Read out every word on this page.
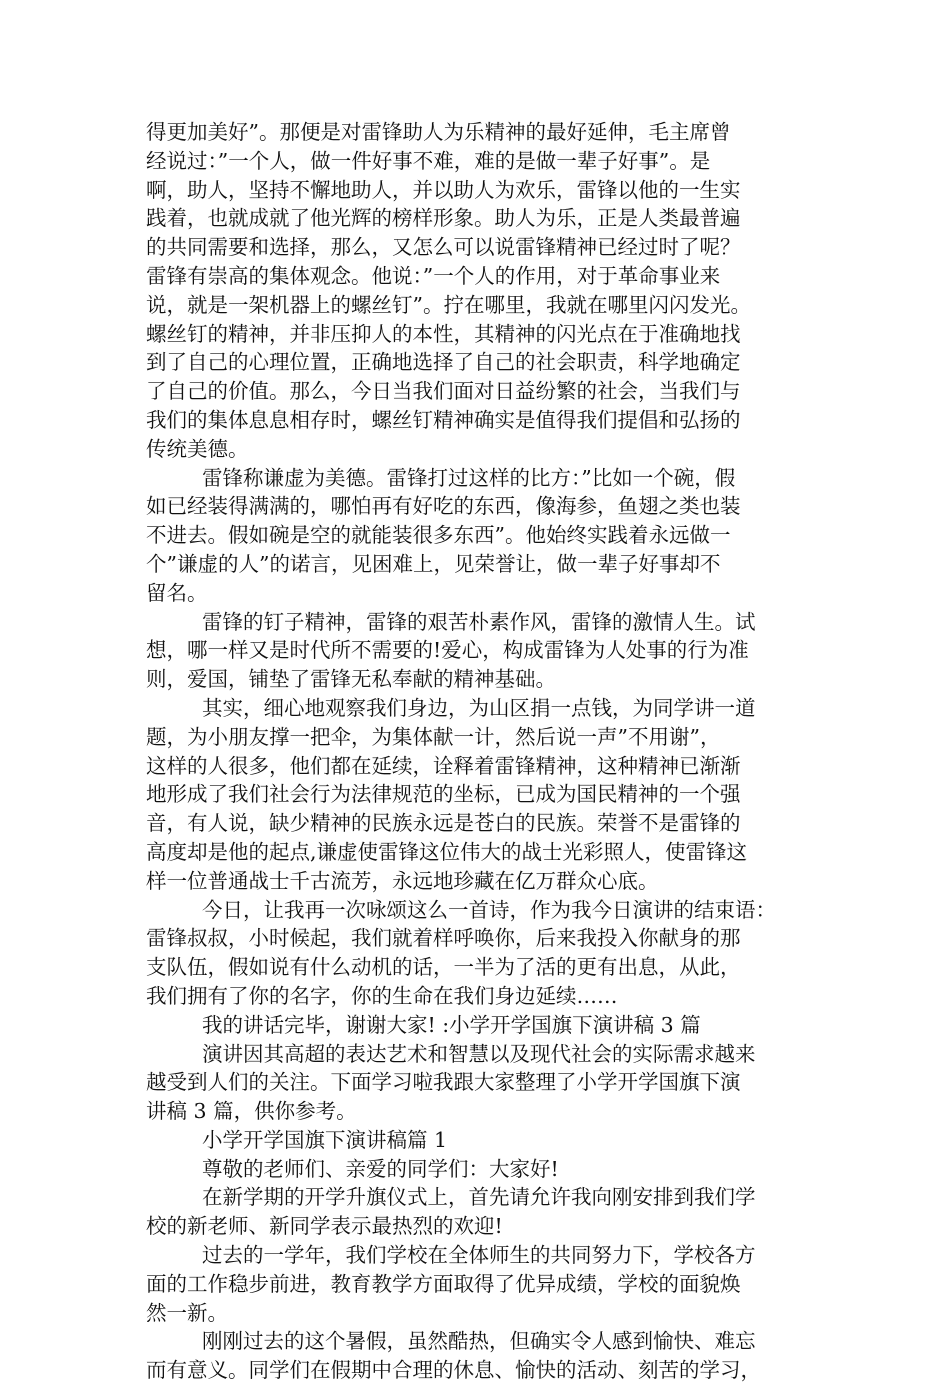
得更加美好”。那便是对雷锋助人为乐精神的最好延伸，毛主席曾
经说过：”一个人，做一件好事不难，难的是做一辈子好事”。是
啊，助人，坚持不懈地助人，并以助人为欢乐，雷锋以他的一生实
践着，也就成就了他光辉的榜样形象。助人为乐，正是人类最普遍
的共同需要和选择，那么，又怎么可以说雷锋精神已经过时了呢？
雷锋有崇高的集体观念。他说：”一个人的作用，对于革命事业来
说，就是一架机器上的螺丝钉”。拧在哪里，我就在哪里闪闪发光。
螺丝钉的精神，并非压抑人的本性，其精神的闪光点在于准确地找
到了自己的心理位置，正确地选择了自己的社会职责，科学地确定
了自己的价值。那么，今日当我们面对日益纷繁的社会，当我们与
我们的集体息息相存时，螺丝钉精神确实是值得我们提倡和弘扬的
传统美德。
雷锋称谦虚为美德。雷锋打过这样的比方：”比如一个碗，假
如已经装得满满的，哪怕再有好吃的东西，像海参，鱼翅之类也装
不进去。假如碗是空的就能装很多东西”。他始终实践着永远做一
个”谦虚的人”的诺言，见困难上，见荣誉让，做一辈子好事却不
留名。
雷锋的钉子精神，雷锋的艰苦朴素作风，雷锋的激情人生。试
想，哪一样又是时代所不需要的!爱心，构成雷锋为人处事的行为准
则，爱国，铺垫了雷锋无私奉献的精神基础。
其实，细心地观察我们身边，为山区捐一点钱，为同学讲一道
题，为小朋友撑一把伞，为集体献一计，然后说一声”不用谢”，
这样的人很多，他们都在延续，诠释着雷锋精神，这种精神已渐渐
地形成了我们社会行为法律规范的坐标，已成为国民精神的一个强
音，有人说，缺少精神的民族永远是苍白的民族。荣誉不是雷锋的
高度却是他的起点,谦虚使雷锋这位伟大的战士光彩照人，使雷锋这
样一位普通战士千古流芳，永远地珍藏在亿万群众心底。
今日，让我再一次咏颂这么一首诗，作为我今日演讲的结束语：
雷锋叔叔，小时候起，我们就着样呼唤你，后来我投入你献身的那
支队伍，假如说有什么动机的话，一半为了活的更有出息，从此，
我们拥有了你的名字，你的生命在我们身边延续……
我的讲话完毕，谢谢大家! :小学开学国旗下演讲稿 3 篇
演讲因其高超的表达艺术和智慧以及现代社会的实际需求越来
越受到人们的关注。下面学习啦我跟大家整理了小学开学国旗下演
讲稿 3 篇，供你参考。
小学开学国旗下演讲稿篇 1
尊敬的老师们、亲爱的同学们：大家好!
在新学期的开学升旗仪式上，首先请允许我向刚安排到我们学
校的新老师、新同学表示最热烈的欢迎!
过去的一学年，我们学校在全体师生的共同努力下，学校各方
面的工作稳步前进，教育教学方面取得了优异成绩，学校的面貌焕
然一新。
刚刚过去的这个暑假，虽然酷热，但确实令人感到愉快、难忘
而有意义。同学们在假期中合理的休息、愉快的活动、刻苦的学习，
